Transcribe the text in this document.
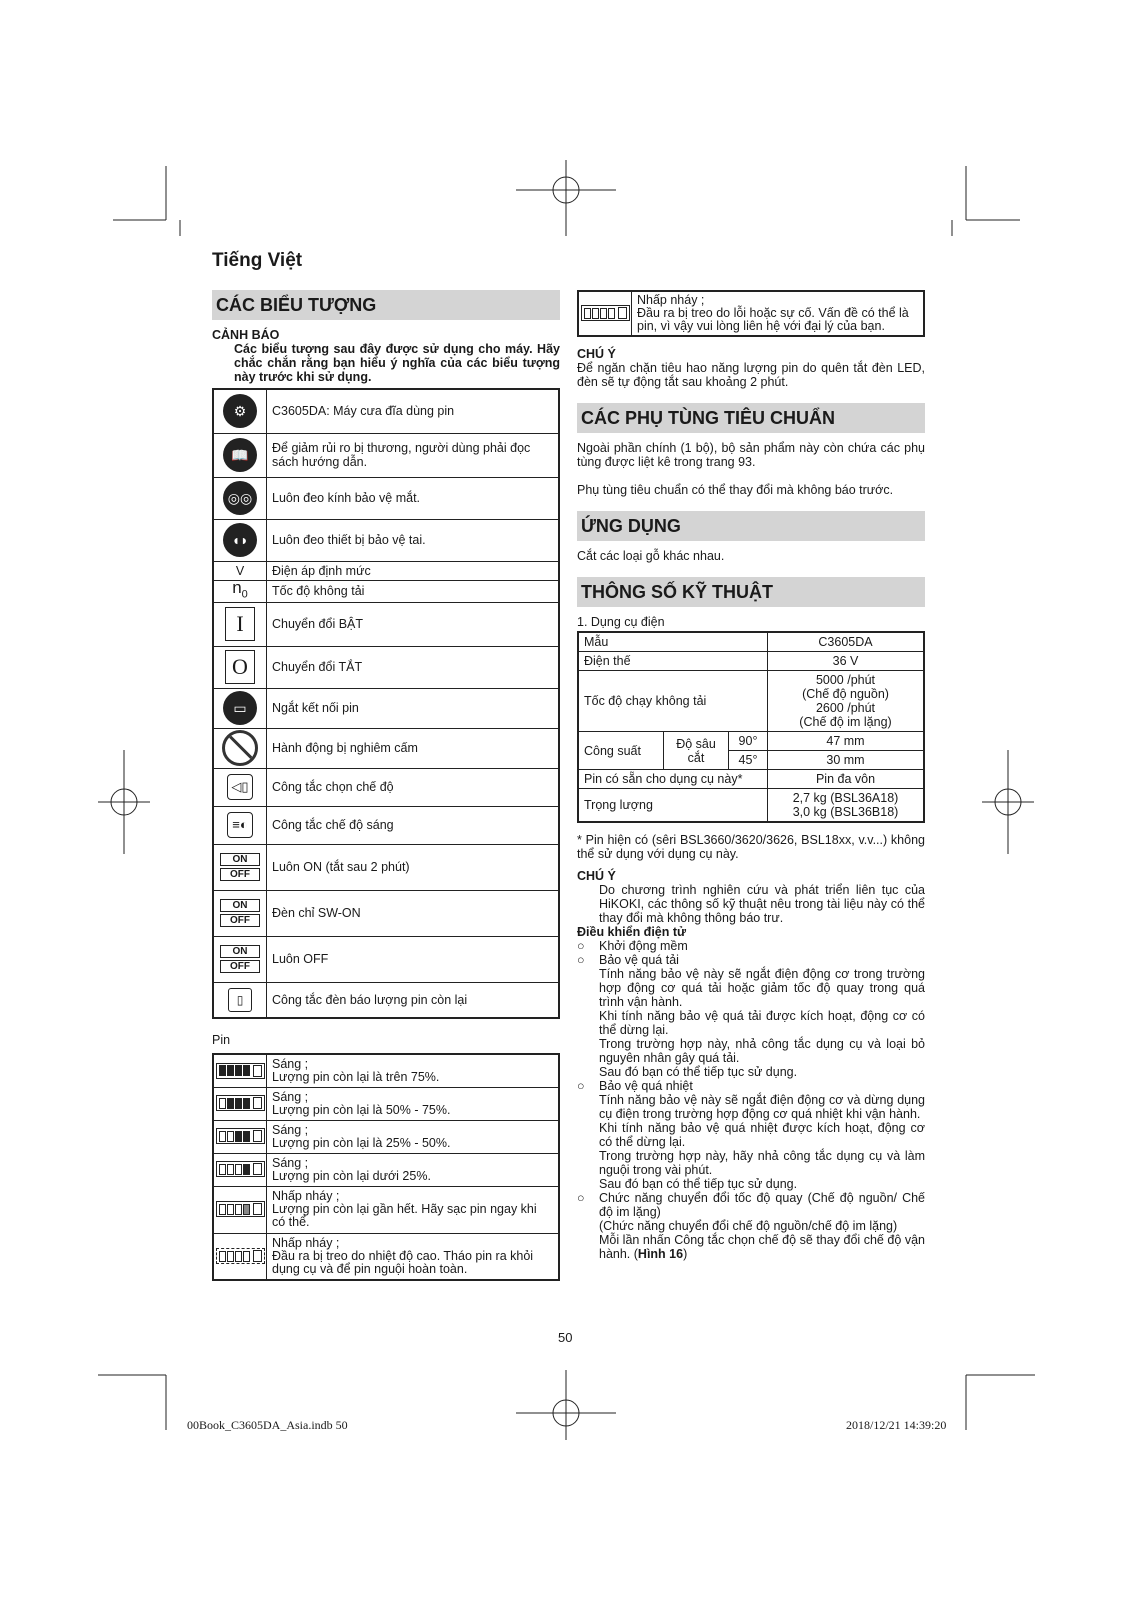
Tiếng Việt
CÁC BIỂU TƯỢNG
CẢNH BÁO
Các biểu tượng sau đây được sử dụng cho máy. Hãy chắc chắn rằng bạn hiểu ý nghĩa của các biểu tượng này trước khi sử dụng.
⚙	C3605DA: Máy cưa đĩa dùng pin

📖	Để giảm rủi ro bị thương, người dùng phải đọc sách hướng dẫn.

◎◎	Luôn đeo kính bảo vệ mắt.

◖◗	Luôn đeo thiết bị bảo vệ tai.
V	Điện áp định mức
$n_0$	Tốc độ không tải

I	Chuyển đổi BẬT

O	Chuyển đổi TẮT

▭	Ngắt kết nối pin

	Hành động bị nghiêm cấm

◁▯	Công tắc chọn chế độ

≡◐	Công tắc chế độ sáng

ON
OFF	Luôn ON (tắt sau 2 phút)

ON
OFF	Đèn chỉ SW-ON

ON
OFF	Luôn OFF

▯	Công tắc đèn báo lượng pin còn lại
Pin

	Sáng ;
Lượng pin còn lại là trên 75%.

	Sáng ;
Lượng pin còn lại là 50% - 75%.

	Sáng ;
Lượng pin còn lại là 25% - 50%.

	Sáng ;
Lượng pin còn lại dưới 25%.

	Nhấp nháy ;
Lượng pin còn lại gần hết. Hãy sạc pin ngay khi có thể.

	Nhấp nháy ;
Đầu ra bị treo do nhiệt độ cao. Tháo pin ra khỏi dụng cụ và để pin nguội hoàn toàn.

Nhấp nháy ;
Đầu ra bị treo do lỗi hoặc sự cố. Vấn đề có thể là pin, vì vậy vui lòng liên hệ với đại lý của bạn.
CHÚ Ý
Để ngăn chặn tiêu hao năng lượng pin do quên tắt đèn LED, đèn sẽ tự động tắt sau khoảng 2 phút.
CÁC PHỤ TÙNG TIÊU CHUẨN
Ngoài phần chính (1 bộ), bộ sản phẩm này còn chứa các phụ tùng được liệt kê trong trang 93.
Phụ tùng tiêu chuẩn có thể thay đổi mà không báo trước.
ỨNG DỤNG
Cắt các loại gỗ khác nhau.
THÔNG SỐ KỸ THUẬT
1. Dụng cụ điện
Mẫu			C3605DA
Điện thế			36 V
Tốc độ chạy không tải			5000 /phút
(Chế độ nguồn)
2600 /phút
(Chế độ im lặng)

Công suất	Độ sâu cắt	90°	47 mm
		45°	30 mm
Pin có sẵn cho dụng cụ này*			Pin đa vôn
Trọng lượng			2,7 kg (BSL36A18)
3,0 kg (BSL36B18)
* Pin hiện có (sêri BSL3660/3620/3626, BSL18xx, v.v...) không thể sử dụng với dụng cụ này.
CHÚ Ý
Do chương trình nghiên cứu và phát triển liên tục của HiKOKI, các thông số kỹ thuật nêu trong tài liệu này có thể thay đổi mà không thông báo trư.
Điều khiển điện tử
○	Khởi động mềm
○	Bảo vệ quá tải
Tính năng bảo vệ này sẽ ngắt điện động cơ trong trường hợp động cơ quá tải hoặc giảm tốc độ quay trong quá trình vận hành.
Khi tính năng bảo vệ quá tải được kích hoạt, động cơ có thể dừng lại.
Trong trường hợp này, nhả công tắc dụng cụ và loại bỏ nguyên nhân gây quá tải.
Sau đó bạn có thể tiếp tục sử dụng.
○	Bảo vệ quá nhiệt
Tính năng bảo vệ này sẽ ngắt điện động cơ và dừng dụng cụ điện trong trường hợp động cơ quá nhiệt khi vận hành.
Khi tính năng bảo vệ quá nhiệt được kích hoạt, động cơ có thể dừng lại.
Trong trường hợp này, hãy nhả công tắc dụng cụ và làm nguội trong vài phút.
Sau đó bạn có thể tiếp tục sử dụng.
○	Chức năng chuyển đổi tốc độ quay (Chế độ nguồn/ Chế độ im lặng)
(Chức năng chuyển đổi chế độ nguồn/chế độ im lặng)
Mỗi lần nhấn Công tắc chọn chế độ sẽ thay đổi chế độ vận hành. (Hình 16)
50
00Book_C3605DA_Asia.indb 50	2018/12/21 14:39:20
